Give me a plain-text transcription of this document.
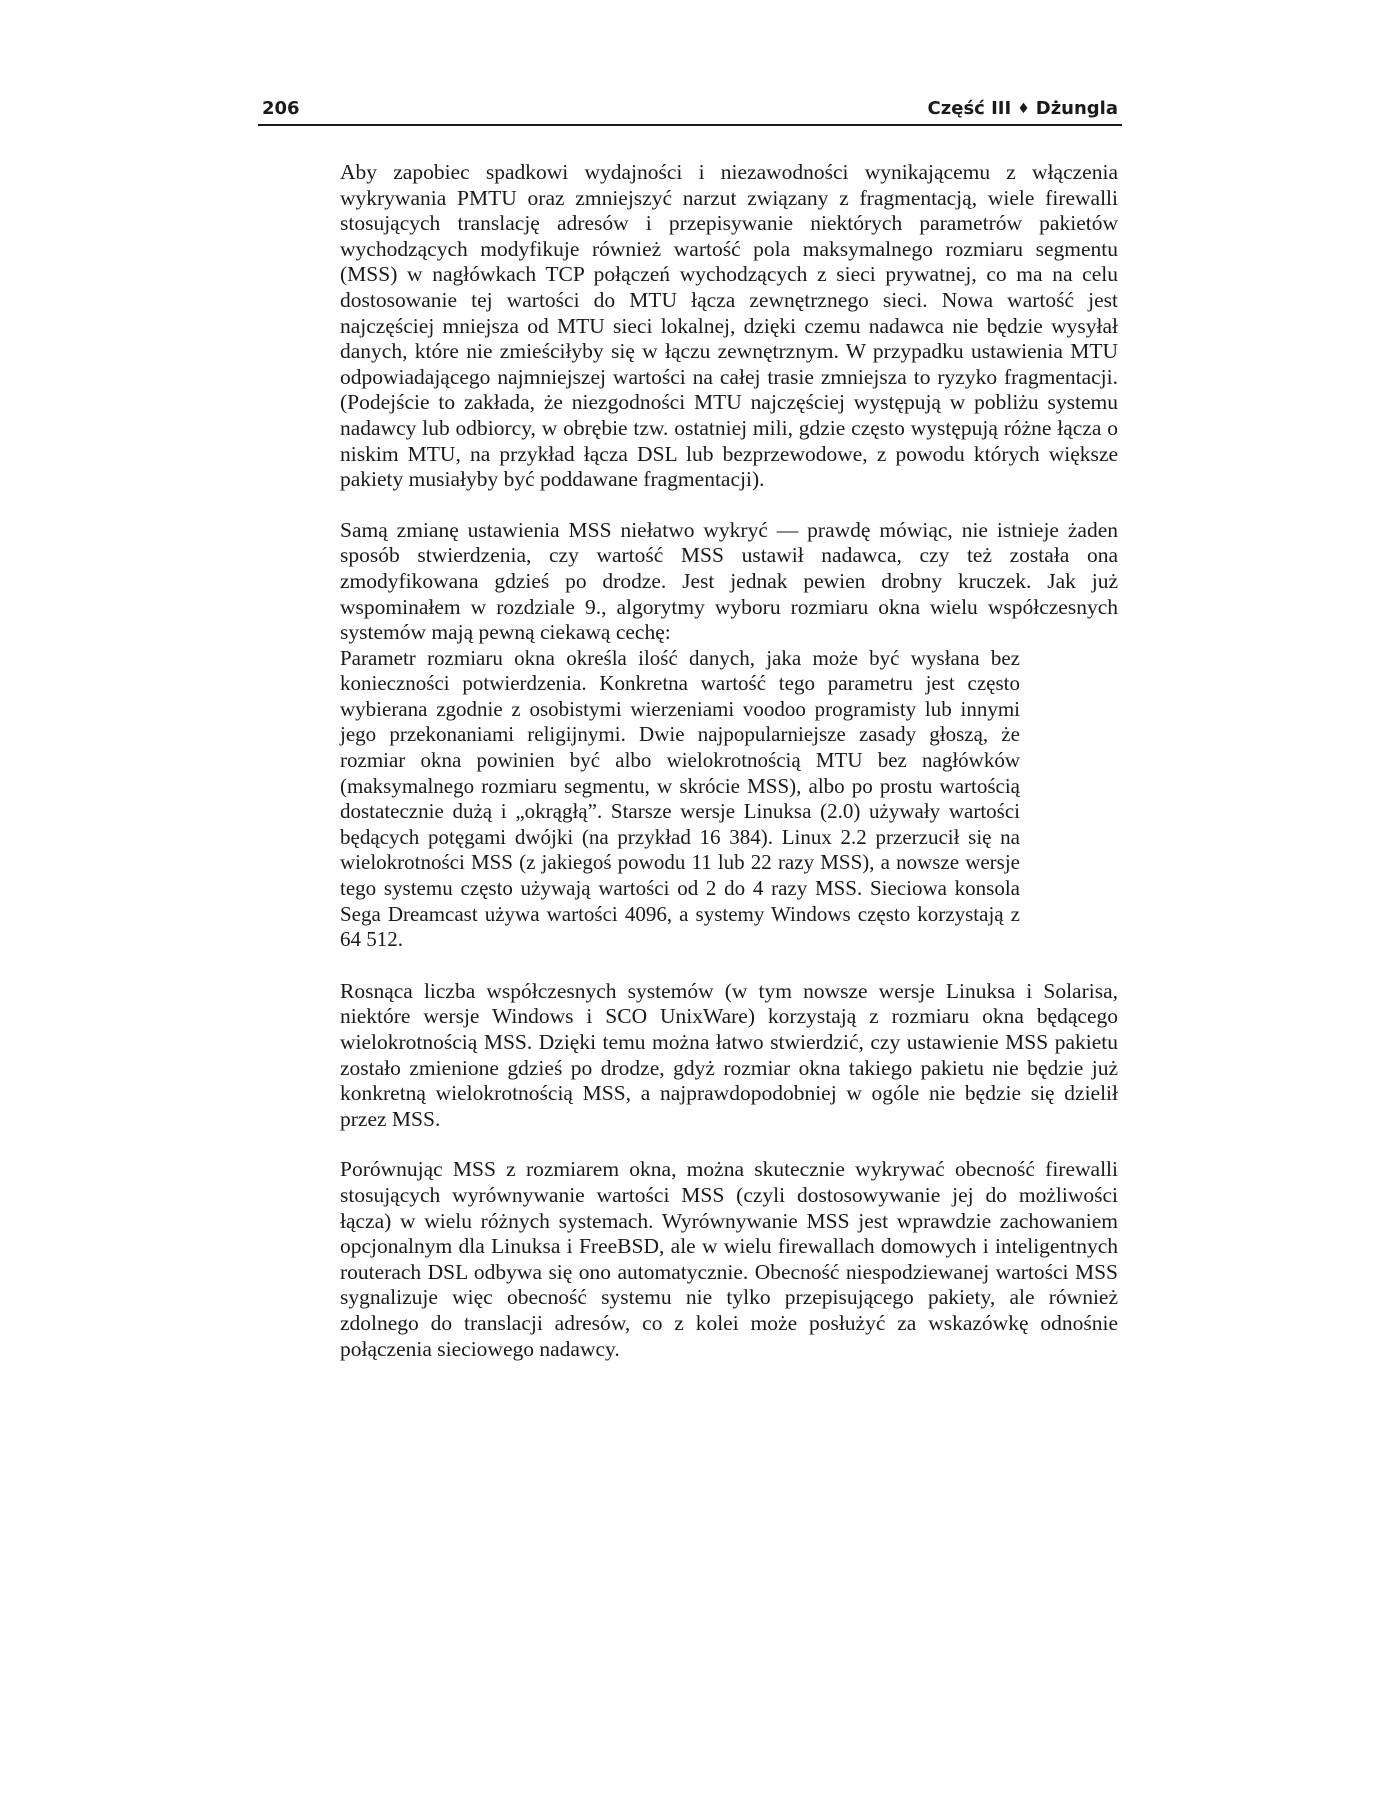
206	Część III ♦ Dżungla

Aby zapobiec spadkowi wydajności i niezawodności wynikającemu z włączenia wykrywania PMTU oraz zmniejszyć narzut związany z fragmentacją, wiele firewalli stosujących translację adresów i przepisywanie niektórych parametrów pakietów wychodzących modyfikuje również wartość pola maksymalnego rozmiaru segmentu (MSS) w nagłówkach TCP połączeń wychodzących z sieci prywatnej, co ma na celu dostosowanie tej wartości do MTU łącza zewnętrznego sieci. Nowa wartość jest najczęściej mniejsza od MTU sieci lokalnej, dzięki czemu nadawca nie będzie wysyłał danych, które nie zmieściłyby się w łączu zewnętrznym. W przypadku ustawienia MTU odpowiadającego najmniejszej wartości na całej trasie zmniejsza to ryzyko fragmentacji. (Podejście to zakłada, że niezgodności MTU najczęściej występują w pobliżu systemu nadawcy lub odbiorcy, w obrębie tzw. ostatniej mili, gdzie często występują różne łącza o niskim MTU, na przykład łącza DSL lub bezprzewodowe, z powodu których większe pakiety musiałyby być poddawane fragmentacji).

Samą zmianę ustawienia MSS niełatwo wykryć — prawdę mówiąc, nie istnieje żaden sposób stwierdzenia, czy wartość MSS ustawił nadawca, czy też została ona zmodyfikowana gdzieś po drodze. Jest jednak pewien drobny kruczek. Jak już wspominałem w rozdziale 9., algorytmy wyboru rozmiaru okna wielu współczesnych systemów mają pewną ciekawą cechę:

Parametr rozmiaru okna określa ilość danych, jaka może być wysłana bez konieczności potwierdzenia. Konkretna wartość tego parametru jest często wybierana zgodnie z osobistymi wierzeniami voodoo programisty lub innymi jego przekonaniami religijnymi. Dwie najpopularniejsze zasady głoszą, że rozmiar okna powinien być albo wielokrotnością MTU bez nagłówków (maksymalnego rozmiaru segmentu, w skrócie MSS), albo po prostu wartością dostatecznie dużą i „okrągłą”. Starsze wersje Linuksa (2.0) używały wartości będących potęgami dwójki (na przykład 16 384). Linux 2.2 przerzucił się na wielokrotności MSS (z jakiegoś powodu 11 lub 22 razy MSS), a nowsze wersje tego systemu często używają wartości od 2 do 4 razy MSS. Sieciowa konsola Sega Dreamcast używa wartości 4096, a systemy Windows często korzystają z 64 512.

Rosnąca liczba współczesnych systemów (w tym nowsze wersje Linuksa i Solarisa, niektóre wersje Windows i SCO UnixWare) korzystają z rozmiaru okna będącego wielokrotnością MSS. Dzięki temu można łatwo stwierdzić, czy ustawienie MSS pakietu zostało zmienione gdzieś po drodze, gdyż rozmiar okna takiego pakietu nie będzie już konkretną wielokrotnością MSS, a najprawdopodobniej w ogóle nie będzie się dzielił przez MSS.

Porównując MSS z rozmiarem okna, można skutecznie wykrywać obecność firewalli stosujących wyrównywanie wartości MSS (czyli dostosowywanie jej do możliwości łącza) w wielu różnych systemach. Wyrównywanie MSS jest wprawdzie zachowaniem opcjonalnym dla Linuksa i FreeBSD, ale w wielu firewallach domowych i inteligentnych routerach DSL odbywa się ono automatycznie. Obecność niespodziewanej wartości MSS sygnalizuje więc obecność systemu nie tylko przepisującego pakiety, ale również zdolnego do translacji adresów, co z kolei może posłużyć za wskazówkę odnośnie połączenia sieciowego nadawcy.
